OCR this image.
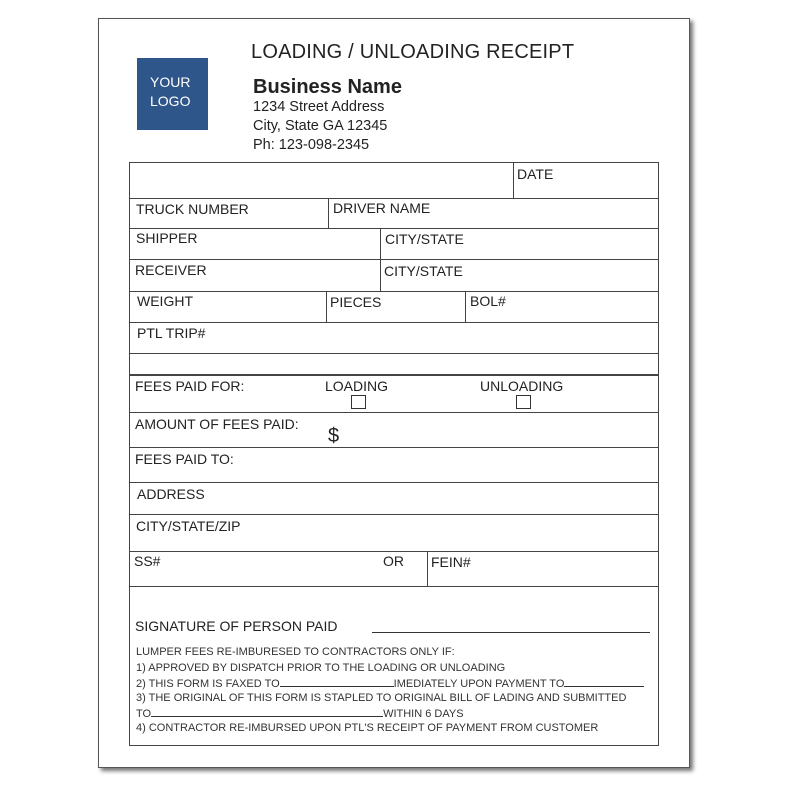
YOUR
LOGO
LOADING / UNLOADING RECEIPT
Business Name
1234 Street Address
City, State GA 12345
Ph: 123-098-2345
DATE
TRUCK NUMBER	DRIVER NAME
SHIPPER	CITY/STATE
RECEIVER	CITY/STATE
WEIGHT	PIECES	BOL#
PTL TRIP#
FEES PAID FOR:	LOADING	UNLOADING
AMOUNT OF FEES PAID:
$
FEES PAID TO:
ADDRESS
CITY/STATE/ZIP
SS#	OR FEIN#
SIGNATURE OF PERSON PAID
LUMPER FEES RE-IMBURESED TO CONTRACTORS ONLY IF:
1) APPROVED BY DISPATCH PRIOR TO THE LOADING OR UNLOADING
2) THIS FORM IS FAXED TO	IMEDIATELY UPON PAYMENT TO
3) THE ORIGINAL OF THIS FORM IS STAPLED TO ORIGINAL BILL OF LADING AND SUBMITTED
TO	WITHIN 6 DAYS
4) CONTRACTOR RE-IMBURSED UPON PTL'S RECEIPT OF PAYMENT FROM CUSTOMER
